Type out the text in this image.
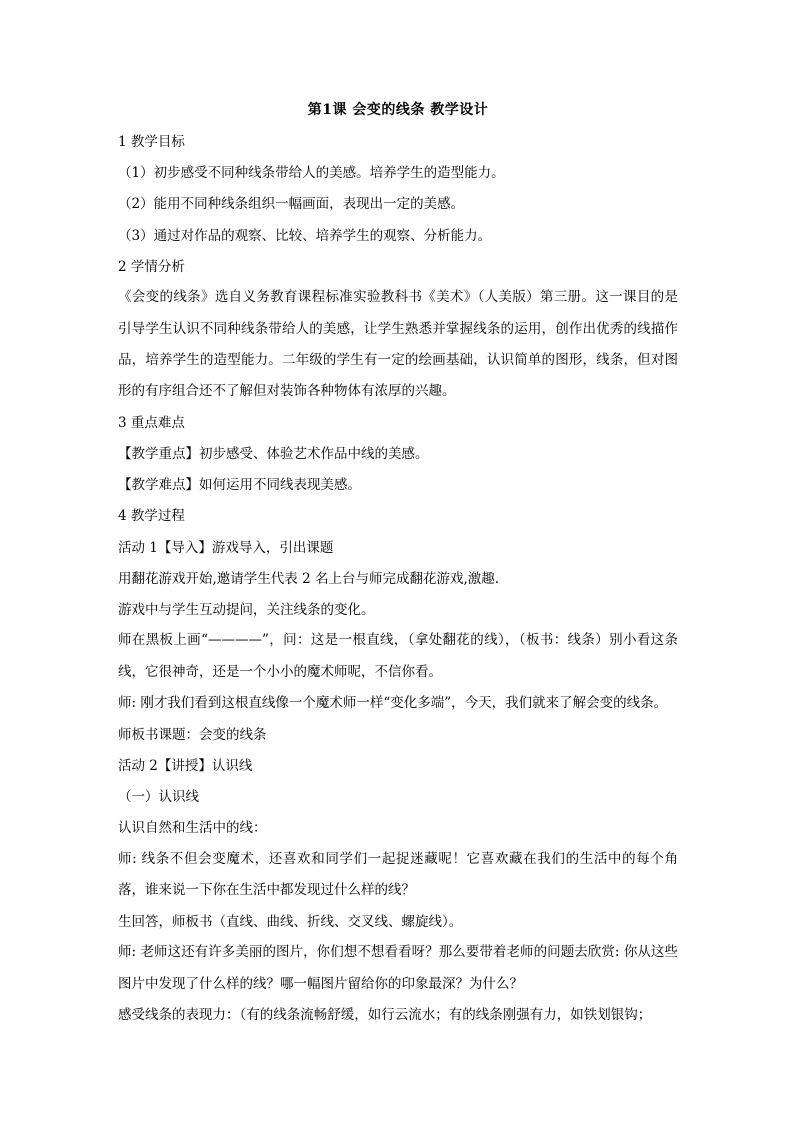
第1课 会变的线条 教学设计
1 教学目标
（1）初步感受不同种线条带给人的美感。培养学生的造型能力。
（2）能用不同种线条组织一幅画面，表现出一定的美感。
（3）通过对作品的观察、比较、培养学生的观察、分析能力。
2 学情分析
《会变的线条》选自义务教育课程标准实验教科书《美术》（人美版）第三册。这一课目的是引导学生认识不同种线条带给人的美感，让学生熟悉并掌握线条的运用，创作出优秀的线描作品，培养学生的造型能力。二年级的学生有一定的绘画基础，认识简单的图形，线条，但对图形的有序组合还不了解但对装饰各种物体有浓厚的兴趣。
3 重点难点
【教学重点】初步感受、体验艺术作品中线的美感。
【教学难点】如何运用不同线表现美感。
4 教学过程
活动 1【导入】游戏导入，引出课题
用翻花游戏开始,邀请学生代表 2 名上台与师完成翻花游戏,激趣.
游戏中与学生互动提问，关注线条的变化。
师在黑板上画“————”，问：这是一根直线，（拿处翻花的线），（板书：线条）别小看这条线，它很神奇，还是一个小小的魔术师呢，不信你看。
师: 刚才我们看到这根直线像一个魔术师一样“变化多端”，今天，我们就来了解会变的线条。
师板书课题：会变的线条
活动 2【讲授】认识线
（一）认识线
认识自然和生活中的线：
师: 线条不但会变魔术，还喜欢和同学们一起捉迷藏呢！它喜欢藏在我们的生活中的每个角落，谁来说一下你在生活中都发现过什么样的线？
生回答，师板书（直线、曲线、折线、交叉线、螺旋线）。
师: 老师这还有许多美丽的图片，你们想不想看看呀？那么要带着老师的问题去欣赏: 你从这些图片中发现了什么样的线？哪一幅图片留给你的印象最深？为什么？
感受线条的表现力：（有的线条流畅舒缓，如行云流水；有的线条刚强有力，如铁划银钩；
